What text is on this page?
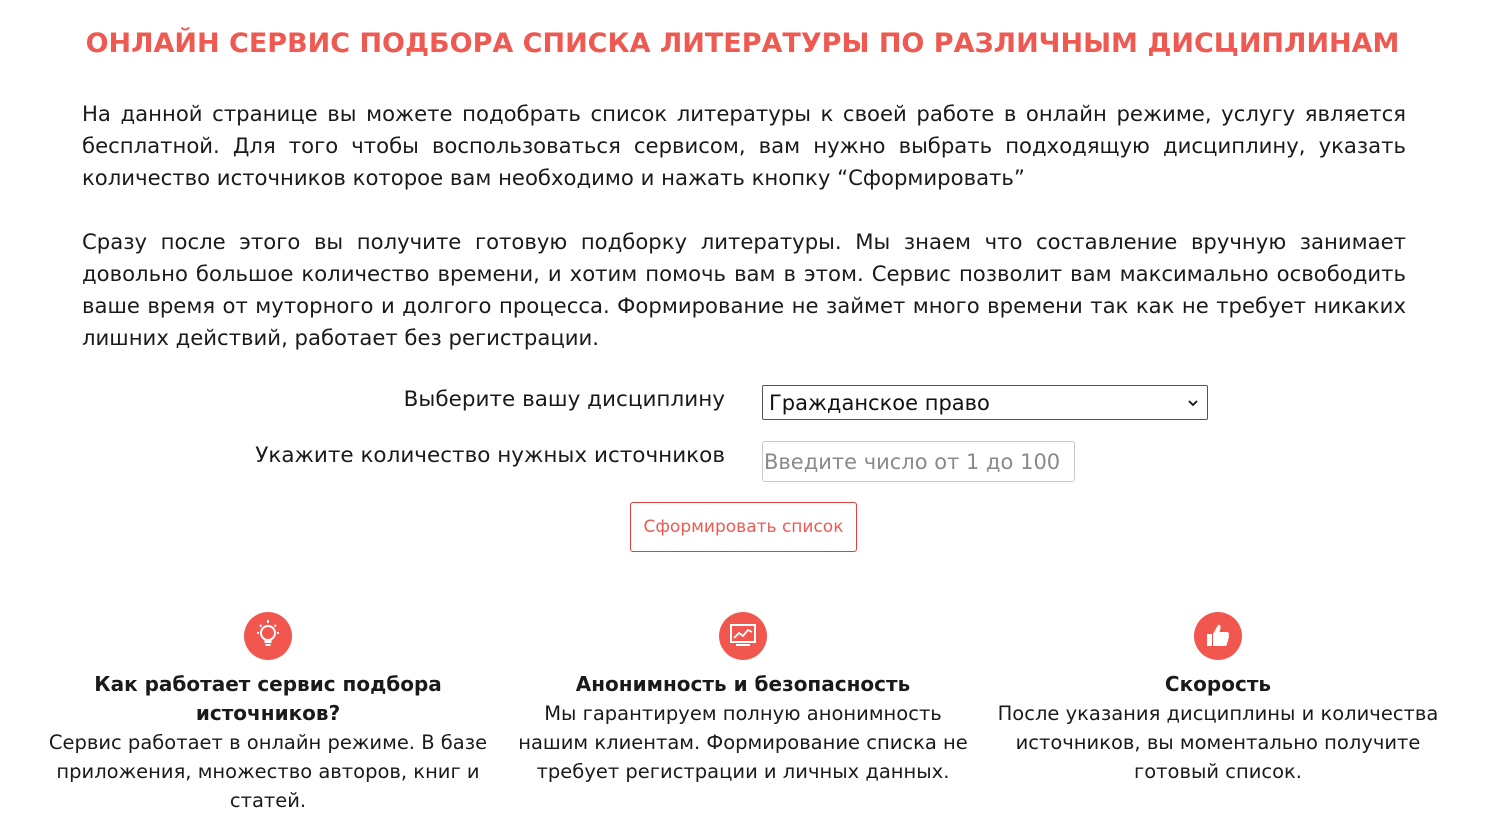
ОНЛАЙН СЕРВИС ПОДБОРА СПИСКА ЛИТЕРАТУРЫ ПО РАЗЛИЧНЫМ ДИСЦИПЛИНАМ

На данной странице вы можете подобрать список литературы к своей работе в онлайн режиме, услугу является бесплатной. Для того чтобы воспользоваться сервисом, вам нужно выбрать подходящую дисциплину, указать количество источников которое вам необходимо и нажать кнопку “Сформировать”

Сразу после этого вы получите готовую подборку литературы. Мы знаем что составление вручную занимает довольно большое количество времени, и хотим помочь вам в этом. Сервис позволит вам максимально освободить ваше время от муторного и долгого процесса. Формирование не займет много времени так как не требует никаких лишних действий, работает без регистрации.

Выберите вашу дисциплину Гражданское право
Укажите количество нужных источников
Введите число от 1 до 100
Сформировать список
Как работает сервис подбора источников?
Сервис работает в онлайн режиме. В базе приложения, множество авторов, книг и статей.
Анонимность и безопасность
Мы гарантируем полную анонимность нашим клиентам. Формирование списка не требует регистрации и личных данных.
Скорость
После указания дисциплины и количества источников, вы моментально получите готовый список.
